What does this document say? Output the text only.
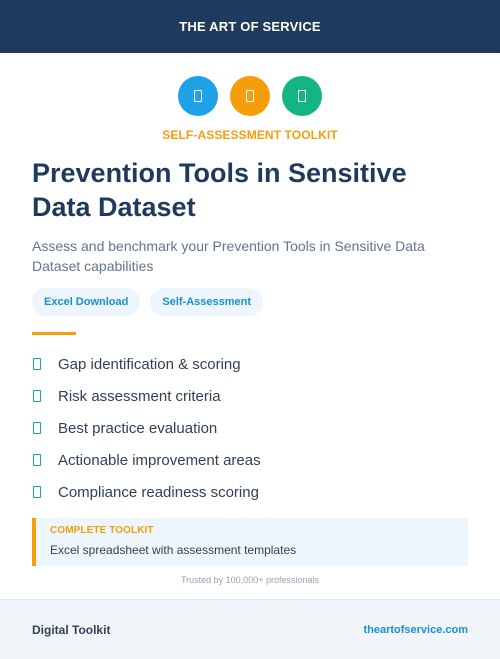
THE ART OF SERVICE
SELF-ASSESSMENT TOOLKIT
Prevention Tools in Sensitive Data Dataset

Assess and benchmark your Prevention Tools in Sensitive Data Dataset capabilities

Excel Download	Self-Assessment
Gap identification & scoring
Risk assessment criteria
Best practice evaluation
Actionable improvement areas
Compliance readiness scoring
COMPLETE TOOLKIT
Excel spreadsheet with assessment templates
Trusted by 100,000+ professionals
Digital Toolkit	theartofservice.com
